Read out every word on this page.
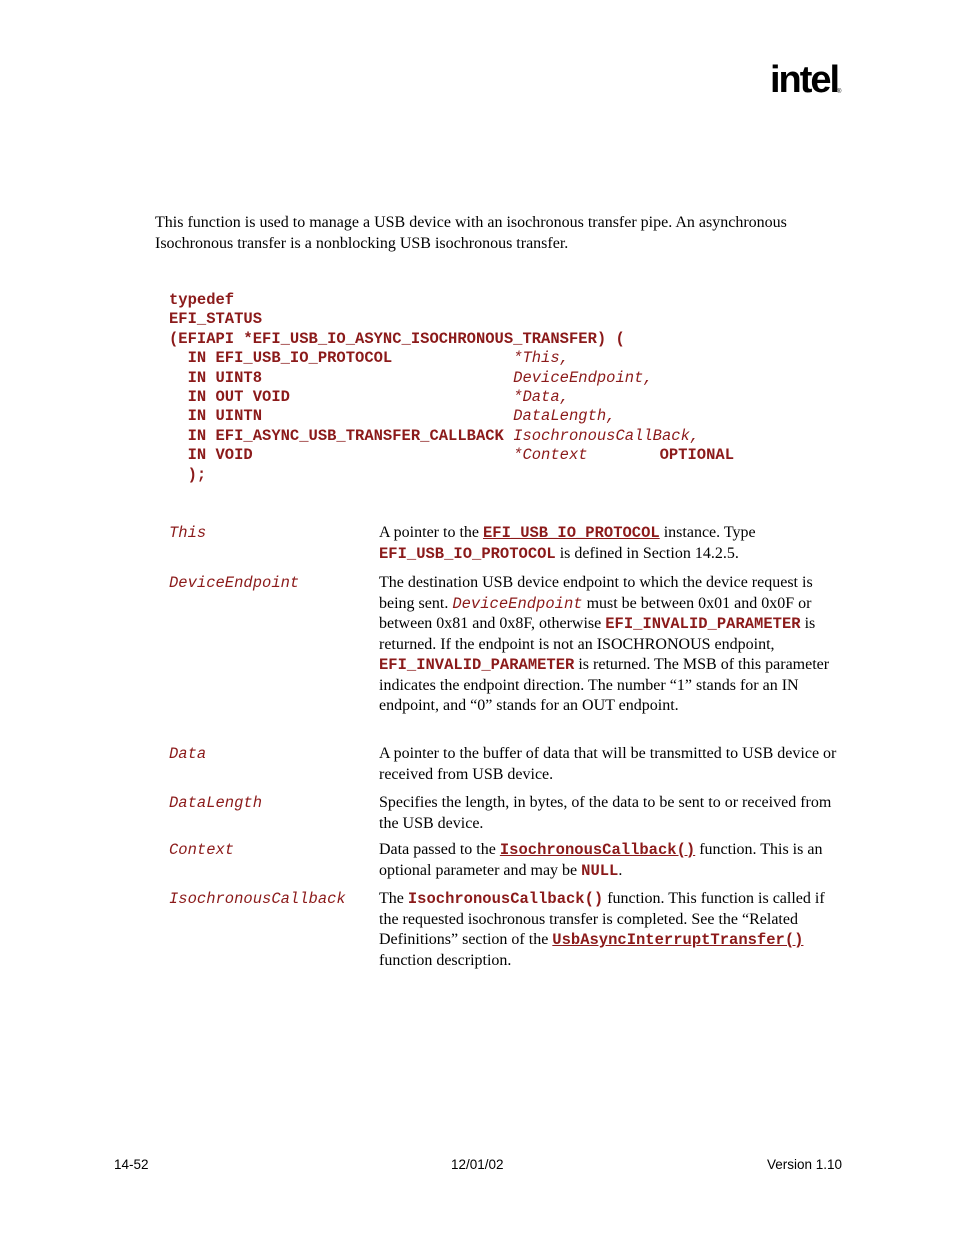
intel
®
This function is used to manage a USB device with an isochronous transfer pipe. An asynchronous
Isochronous transfer is a nonblocking USB isochronous transfer.
typedef
EFI_STATUS
(EFIAPI *EFI_USB_IO_ASYNC_ISOCHRONOUS_TRANSFER) (
IN EFI_USB_IO_PROTOCOL             *This,
IN UINT8                           DeviceEndpoint,
IN OUT VOID                        *Data,
IN UINTN                           DataLength,
IN EFI_ASYNC_USB_TRANSFER_CALLBACK IsochronousCallBack,
IN VOID                            *Context	OPTIONAL
);
This	A pointer to the EFI_USB_IO_PROTOCOL instance. Type
EFI_USB_IO_PROTOCOL is defined in Section 14.2.5.
DeviceEndpoint	The destination USB device endpoint to which the device request is being sent. DeviceEndpoint must be between 0x01 and 0x0F or between 0x81 and 0x8F, otherwise EFI_INVALID_PARAMETER is returned. If the endpoint is not an ISOCHRONOUS endpoint, EFI_INVALID_PARAMETER is returned. The MSB of this parameter indicates the endpoint direction. The number “1” stands for an IN endpoint, and “0” stands for an OUT endpoint.
Data	A pointer to the buffer of data that will be transmitted to USB device or received from USB device.
DataLength	Specifies the length, in bytes, of the data to be sent to or received from the USB device.
Context	Data passed to the IsochronousCallback() function. This is an optional parameter and may be NULL.
IsochronousCallback The IsochronousCallback() function. This function is called if the requested isochronous transfer is completed. See the “Related Definitions” section of the UsbAsyncInterruptTransfer() function description.
14-52	12/01/02	Version 1.10
